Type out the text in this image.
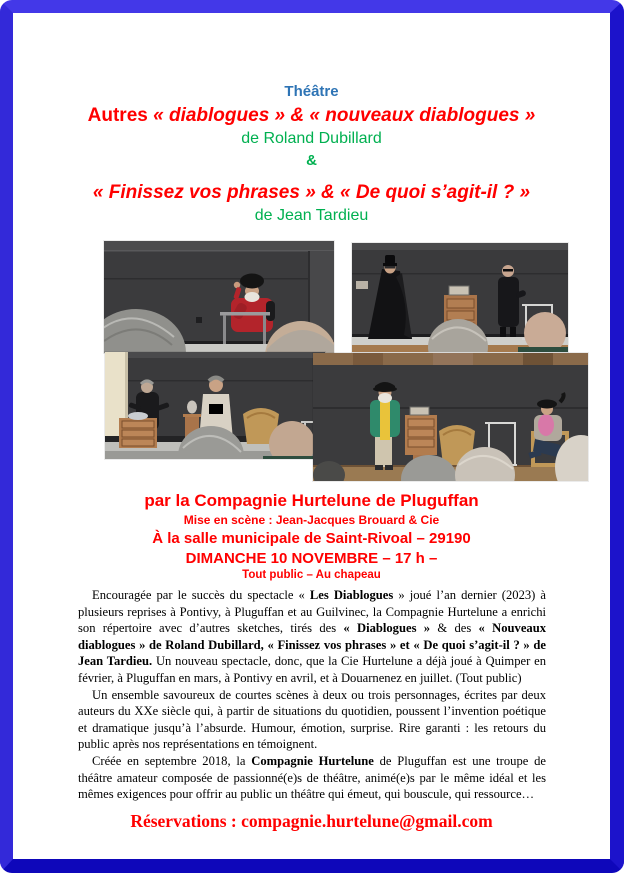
Théâtre
Autres « diablogues » & « nouveaux diablogues »
de Roland Dubillard
&
« Finissez vos phrases » & « De quoi s’agit-il ? »
de Jean Tardieu
par la Compagnie Hurtelune de Pluguffan
Mise en scène : Jean-Jacques Brouard & Cie
À la salle municipale de Saint-Rivoal – 29190
DIMANCHE 10 NOVEMBRE – 17 h –
Tout public – Au chapeau

Encouragée par le succès du spectacle « Les Diablogues » joué l’an dernier (2023) à plusieurs reprises à Pontivy, à Pluguffan et au Guilvinec, la Compagnie Hurtelune a enrichi son répertoire avec d’autres sketches, tirés des « Diablogues » & des « Nouveaux diablogues » de Roland Dubillard, « Finissez vos phrases » et « De quoi s’agit-il ? » de Jean Tardieu. Un nouveau spectacle, donc, que la Cie Hurtelune a déjà joué à Quimper en février, à Pluguffan en mars, à Pontivy en avril, et à Douarnenez en juillet. (Tout public)

Un ensemble savoureux de courtes scènes à deux ou trois personnages, écrites par deux auteurs du XXe siècle qui, à partir de situations du quotidien, poussent l’invention poétique et dramatique jusqu’à l’absurde. Humour, émotion, surprise. Rire garanti : les retours du public après nos représentations en témoignent.

Créée en septembre 2018, la Compagnie Hurtelune de Pluguffan est une troupe de théâtre amateur composée de passionné(e)s de théâtre, animé(e)s par le même idéal et les mêmes exigences pour offrir au public un théâtre qui émeut, qui bouscule, qui ressource…

Réservations : compagnie.hurtelune@gmail.com
